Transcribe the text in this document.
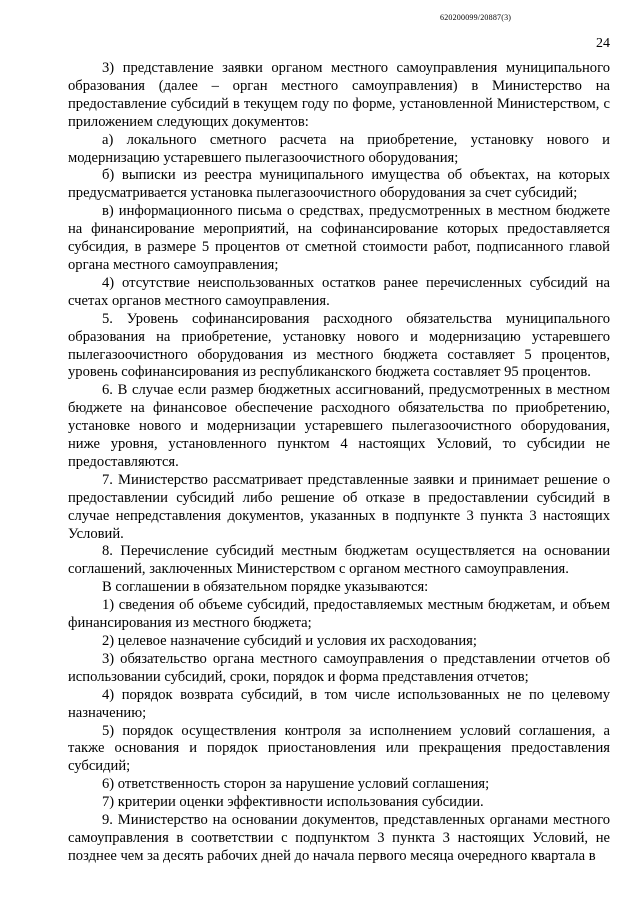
620200099/20887(3)
24

3) представление заявки органом местного самоуправления муниципального образования (далее – орган местного самоуправления) в Министерство на предоставление субсидий в текущем году по форме, установленной Министерством, с приложением следующих документов:

а) локального сметного расчета на приобретение, установку нового и модернизацию устаревшего пылегазоочистного оборудования;

б) выписки из реестра муниципального имущества об объектах, на которых предусматривается установка пылегазоочистного оборудования за счет субсидий;

в) информационного письма о средствах, предусмотренных в местном бюджете на финансирование мероприятий, на софинансирование которых предоставляется субсидия, в размере 5 процентов от сметной стоимости работ, подписанного главой органа местного самоуправления;

4) отсутствие неиспользованных остатков ранее перечисленных субсидий на счетах органов местного самоуправления.

5. Уровень софинансирования расходного обязательства муниципального образования на приобретение, установку нового и модернизацию устаревшего пылегазоочистного оборудования из местного бюджета составляет 5 процентов, уровень софинансирования из республиканского бюджета составляет 95 процентов.

6. В случае если размер бюджетных ассигнований, предусмотренных в местном бюджете на финансовое обеспечение расходного обязательства по приобретению, установке нового и модернизации устаревшего пылегазоочистного оборудования, ниже уровня, установленного пунктом 4 настоящих Условий, то субсидии не предоставляются.

7. Министерство рассматривает представленные заявки и принимает решение о предоставлении субсидий либо решение об отказе в предоставлении субсидий в случае непредставления документов, указанных в подпункте 3 пункта 3 настоящих Условий.

8. Перечисление субсидий местным бюджетам осуществляется на основании соглашений, заключенных Министерством с органом местного самоуправления.

В соглашении в обязательном порядке указываются:

1) сведения об объеме субсидий, предоставляемых местным бюджетам, и объем финансирования из местного бюджета;

2) целевое назначение субсидий и условия их расходования;

3) обязательство органа местного самоуправления о представлении отчетов об использовании субсидий, сроки, порядок и форма представления отчетов;

4) порядок возврата субсидий, в том числе использованных не по целевому назначению;

5) порядок осуществления контроля за исполнением условий соглашения, а также основания и порядок приостановления или прекращения предоставления субсидий;

6) ответственность сторон за нарушение условий соглашения;

7) критерии оценки эффективности использования субсидии.

9. Министерство на основании документов, представленных органами местного самоуправления в соответствии с подпунктом 3 пункта 3 настоящих Условий, не позднее чем за десять рабочих дней до начала первого месяца очередного квартала в
